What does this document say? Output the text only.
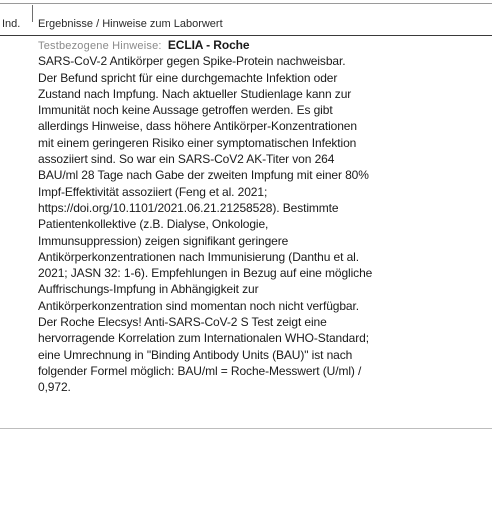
Ind. Ergebnisse / Hinweise zum Laborwert
Testbezogene Hinweise: ECLIA - Roche
SARS-CoV-2 Antikörper gegen Spike-Protein nachweisbar.
Der Befund spricht für eine durchgemachte Infektion oder
Zustand nach Impfung. Nach aktueller Studienlage kann zur
Immunität noch keine Aussage getroffen werden. Es gibt
allerdings Hinweise, dass höhere Antikörper-Konzentrationen
mit einem geringeren Risiko einer symptomatischen Infektion
assoziiert sind. So war ein SARS-CoV2 AK-Titer von 264
BAU/ml 28 Tage nach Gabe der zweiten Impfung mit einer 80%
Impf-Effektivität assoziiert (Feng et al. 2021;
https://doi.org/10.1101/2021.06.21.21258528). Bestimmte
Patientenkollektive (z.B. Dialyse, Onkologie,
Immunsuppression) zeigen signifikant geringere
Antikörperkonzentrationen nach Immunisierung (Danthu et al.
2021; JASN 32: 1-6). Empfehlungen in Bezug auf eine mögliche
Auffrischungs-Impfung in Abhängigkeit zur
Antikörperkonzentration sind momentan noch nicht verfügbar.
Der Roche Elecsys! Anti-SARS-CoV-2 S Test zeigt eine
hervorragende Korrelation zum Internationalen WHO-Standard;
eine Umrechnung in "Binding Antibody Units (BAU)" ist nach
folgender Formel möglich: BAU/ml = Roche-Messwert (U/ml) /
0,972.
